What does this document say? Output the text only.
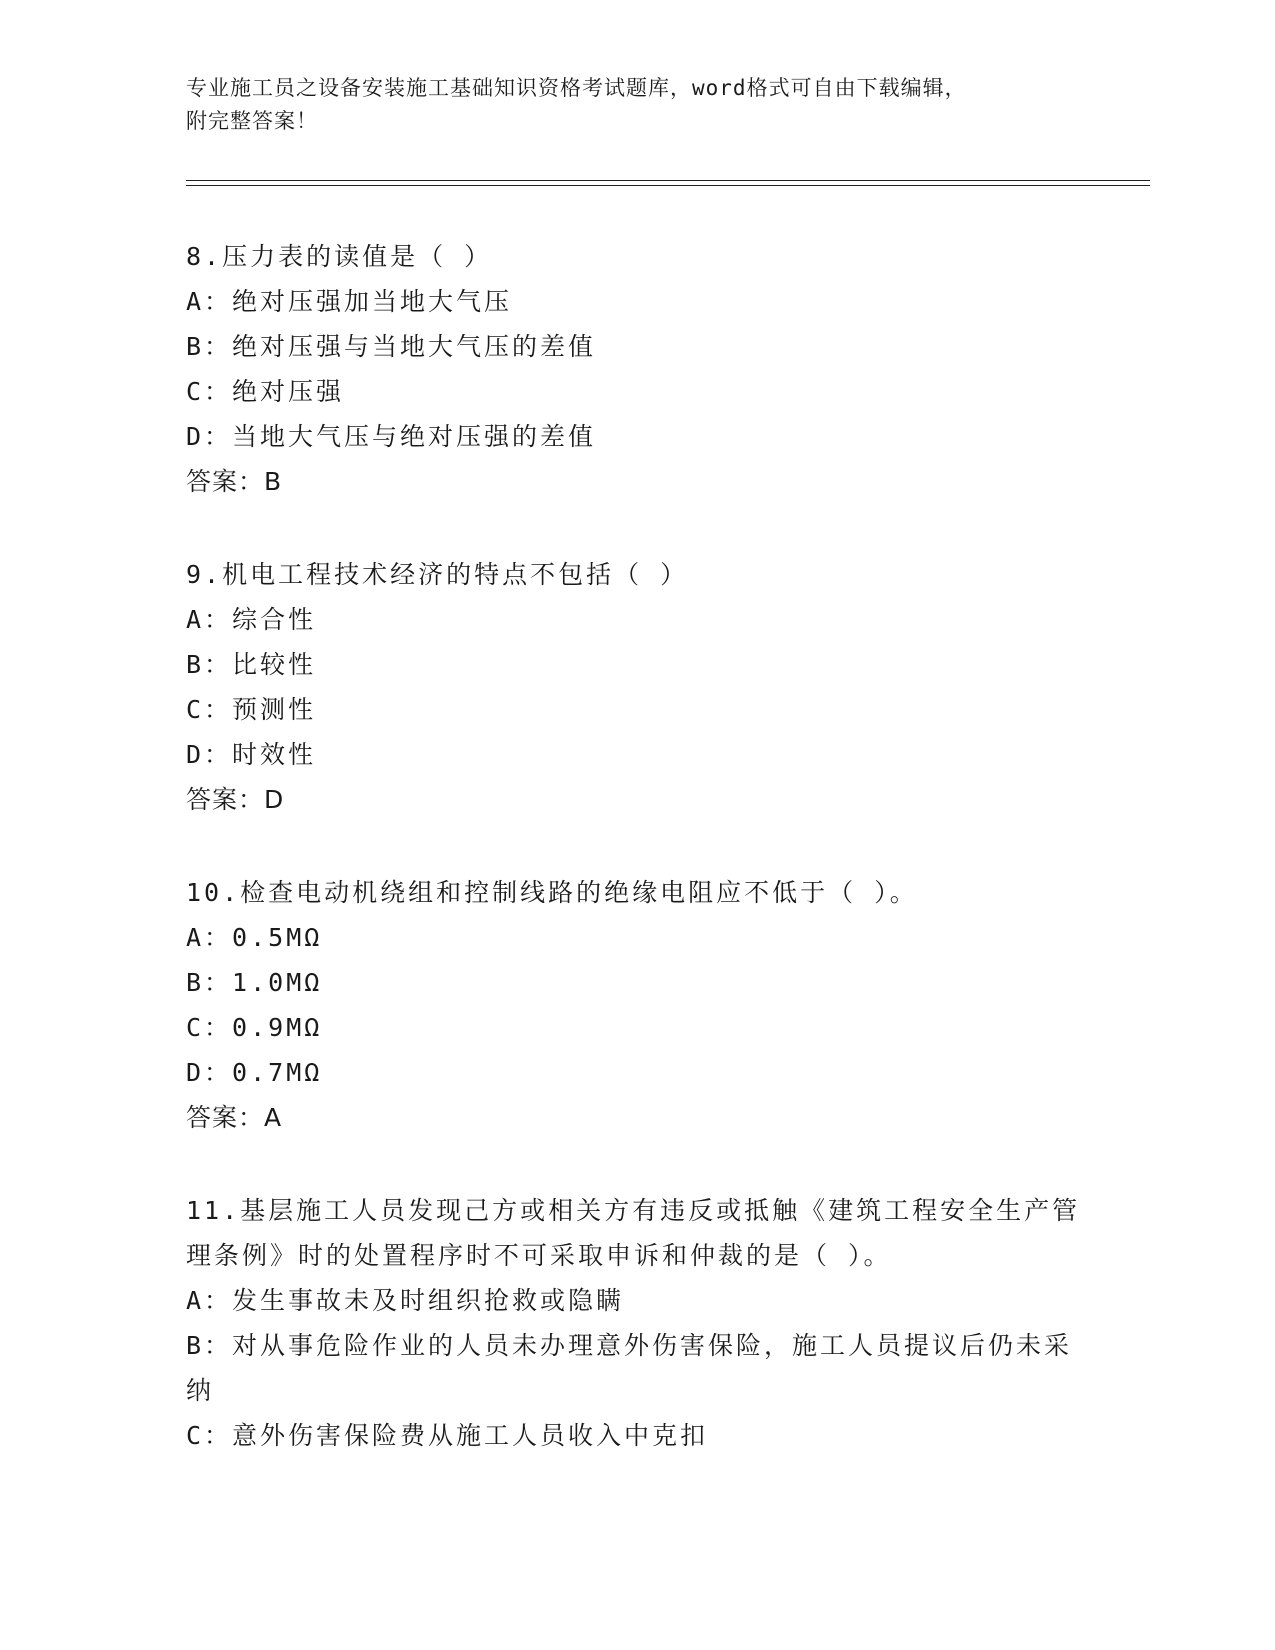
专业施工员之设备安装施工基础知识资格考试题库，word格式可自由下载编辑，
附完整答案！
8.压力表的读值是（ ）
A：绝对压强加当地大气压
B：绝对压强与当地大气压的差值
C：绝对压强
D：当地大气压与绝对压强的差值
答案：B
9.机电工程技术经济的特点不包括（ ）
A：综合性
B：比较性
C：预测性
D：时效性
答案：D
10.检查电动机绕组和控制线路的绝缘电阻应不低于（ ）。
A：0.5MΩ
B：1.0MΩ
C：0.9MΩ
D：0.7MΩ
答案：A
11.基层施工人员发现己方或相关方有违反或抵触《建筑工程安全生产管理条例》时的处置程序时不可采取申诉和仲裁的是（ ）。
A：发生事故未及时组织抢救或隐瞒
B：对从事危险作业的人员未办理意外伤害保险，施工人员提议后仍未采纳
C：意外伤害保险费从施工人员收入中克扣
